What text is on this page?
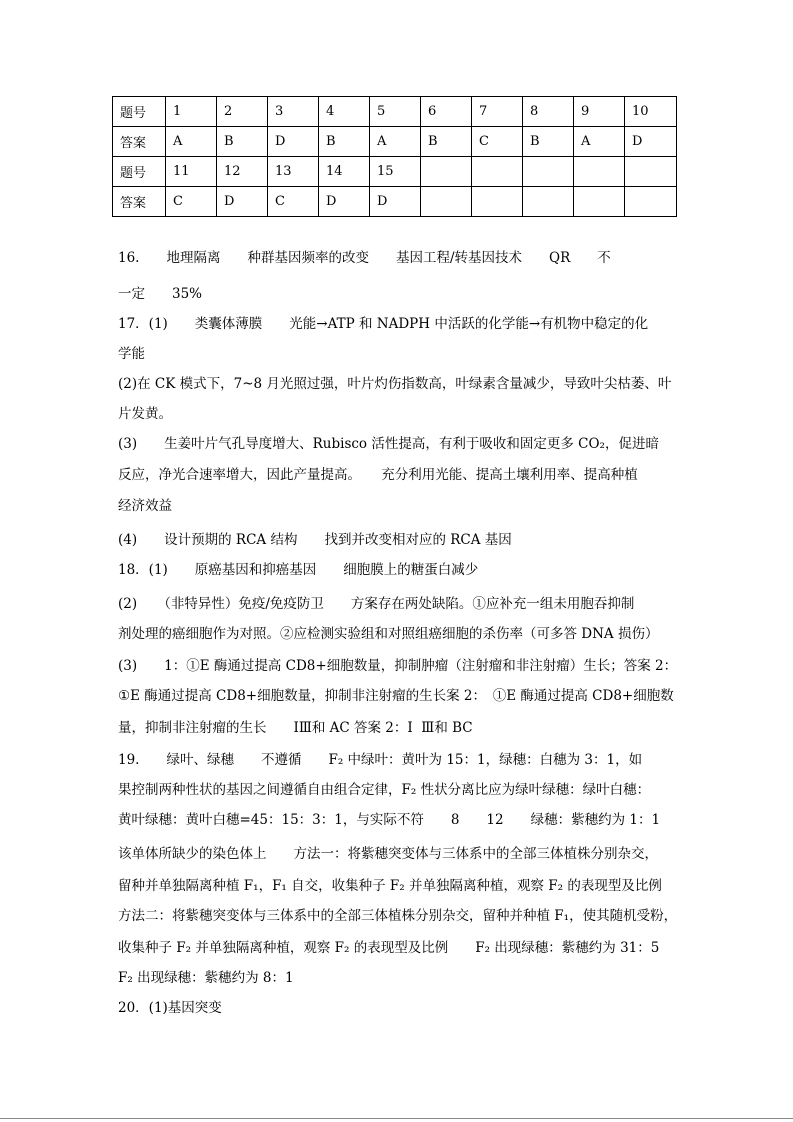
题号	1	2	3	4	5	6	7	8	9	10
答案	A	B	D	B	A	B	C	B	A	D
题号	11	12	13	14	15					
答案	C	D	C	D	D					
16.　　地理隔离　　种群基因频率的改变　　基因工程/转基因技术　　QR　　不
一定　　35%
17．(1)　　类囊体薄膜　　光能→ATP 和 NADPH 中活跃的化学能→有机物中稳定的化
学能
(2)在 CK 模式下，7~8 月光照过强，叶片灼伤指数高，叶绿素含量减少，导致叶尖枯萎、叶
片发黄。
(3)　　生姜叶片气孔导度增大、Rubisco 活性提高，有利于吸收和固定更多 CO₂，促进暗
反应，净光合速率增大，因此产量提高。　　充分利用光能、提高土壤利用率、提高种植
经济效益
(4)　　设计预期的 RCA 结构　　找到并改变相对应的 RCA 基因
18．(1)　　原癌基因和抑癌基因　　细胞膜上的糖蛋白减少
(2)　　（非特异性）免疫/免疫防卫　　方案存在两处缺陷。①应补充一组未用胞吞抑制
剂处理的癌细胞作为对照。②应检测实验组和对照组癌细胞的杀伤率（可多答 DNA 损伤）
(3)　　1：①E 酶通过提高 CD8+细胞数量，抑制肿瘤（注射瘤和非注射瘤）生长；答案 2：
①E 酶通过提高 CD8+细胞数量，抑制非注射瘤的生长案 2：　①E 酶通过提高 CD8+细胞数
量，抑制非注射瘤的生长　　IⅢ和 AC 答案 2：I  Ⅲ和 BC
19.　　绿叶、绿穗　　不遵循　　F₂ 中绿叶：黄叶为 15：1，绿穗：白穗为 3：1，如
果控制两种性状的基因之间遵循自由组合定律，F₂ 性状分离比应为绿叶绿穗：绿叶白穗：
黄叶绿穗：黄叶白穗=45：15：3：1，与实际不符　　8　　12　　绿穗：紫穗约为 1：1
该单体所缺少的染色体上　　方法一：将紫穗突变体与三体系中的全部三体植株分别杂交，
留种并单独隔离种植 F₁，F₁ 自交，收集种子 F₂ 并单独隔离种植，观察 F₂ 的表现型及比例
方法二：将紫穗突变体与三体系中的全部三体植株分别杂交，留种并种植 F₁，使其随机受粉，
收集种子 F₂ 并单独隔离种植，观察 F₂ 的表现型及比例　　F₂ 出现绿穗：紫穗约为 31：5
F₂ 出现绿穗：紫穗约为 8：1
20．(1)基因突变
